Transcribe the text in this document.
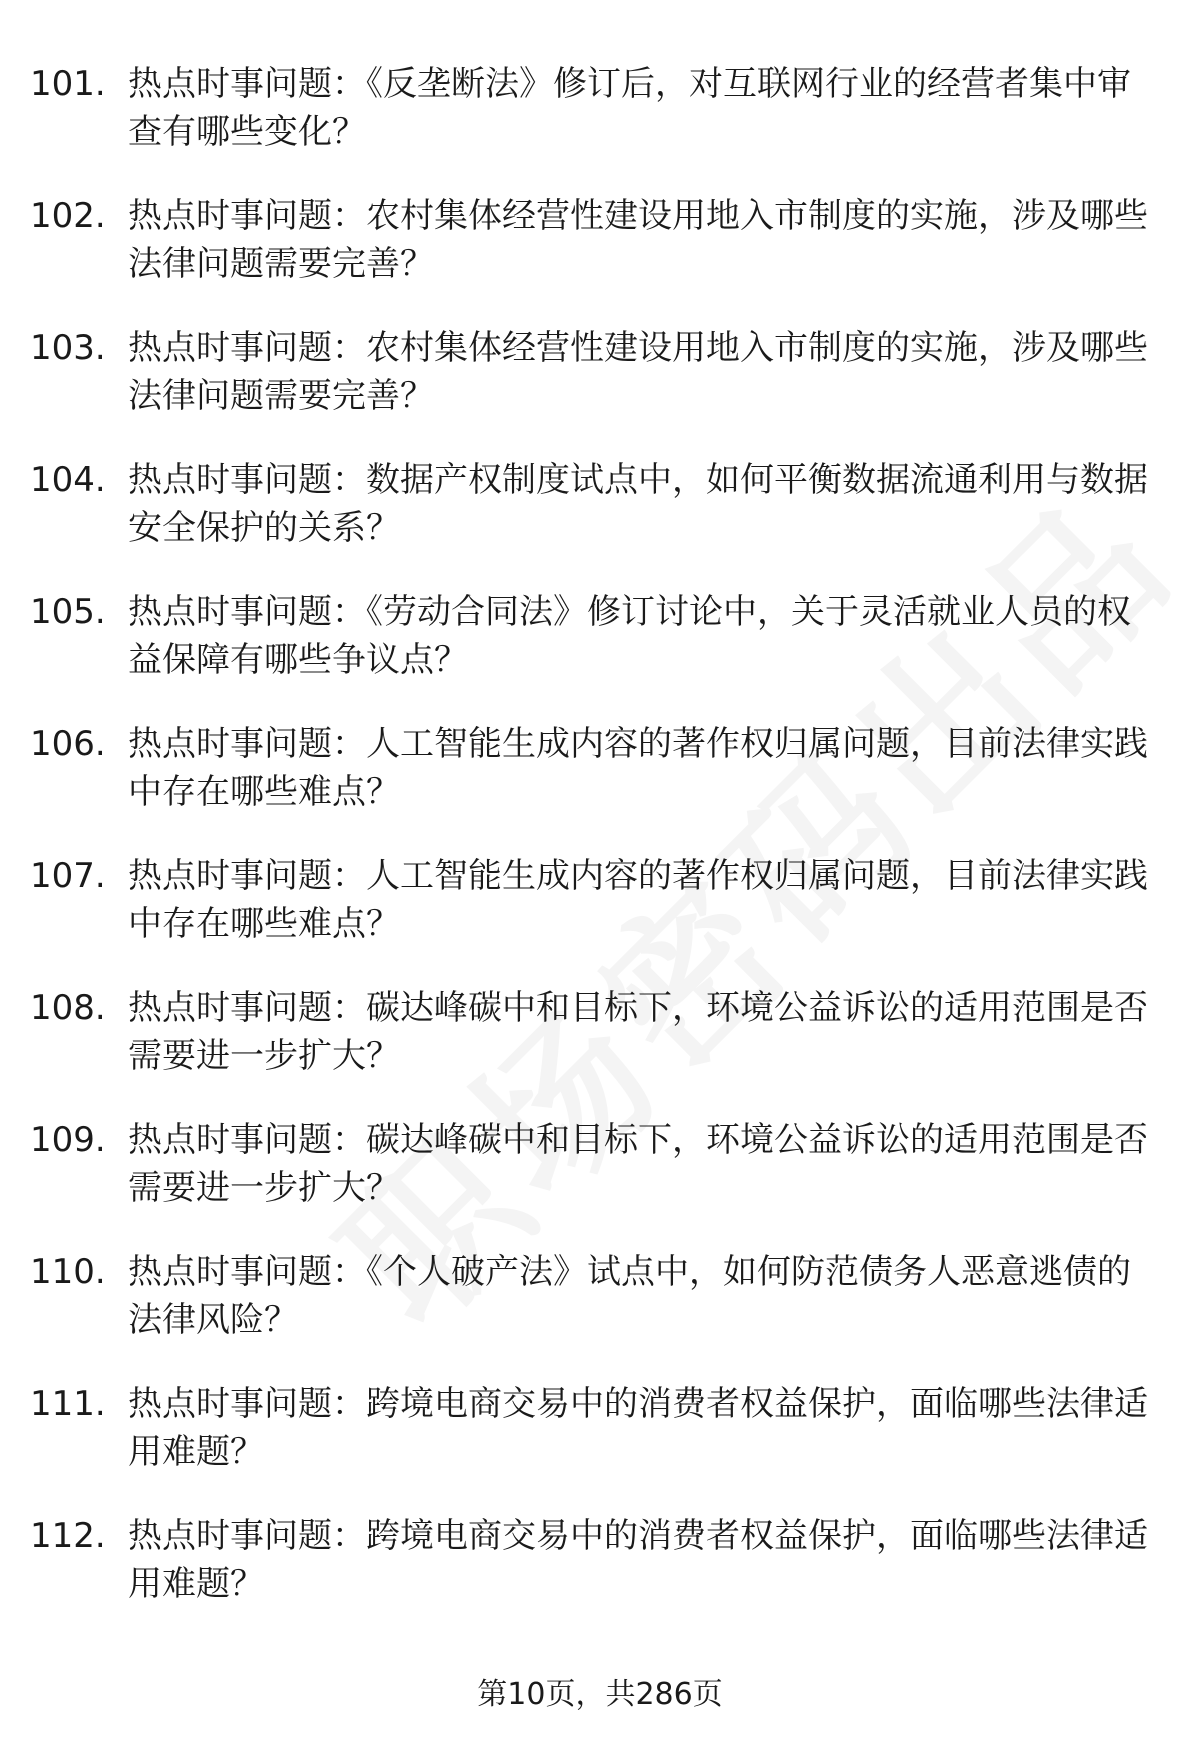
101. 热点时事问题：《反垄断法》修订后，对互联网行业的经营者集中审查有哪些变化？
102. 热点时事问题：农村集体经营性建设用地入市制度的实施，涉及哪些法律问题需要完善？
103. 热点时事问题：农村集体经营性建设用地入市制度的实施，涉及哪些法律问题需要完善？
104. 热点时事问题：数据产权制度试点中，如何平衡数据流通利用与数据安全保护的关系？
105. 热点时事问题：《劳动合同法》修订讨论中，关于灵活就业人员的权益保障有哪些争议点？
106. 热点时事问题：人工智能生成内容的著作权归属问题，目前法律实践中存在哪些难点？
107. 热点时事问题：人工智能生成内容的著作权归属问题，目前法律实践中存在哪些难点？
108. 热点时事问题：碳达峰碳中和目标下，环境公益诉讼的适用范围是否需要进一步扩大？
109. 热点时事问题：碳达峰碳中和目标下，环境公益诉讼的适用范围是否需要进一步扩大？
110. 热点时事问题：《个人破产法》试点中，如何防范债务人恶意逃债的法律风险？
111. 热点时事问题：跨境电商交易中的消费者权益保护，面临哪些法律适用难题？
112. 热点时事问题：跨境电商交易中的消费者权益保护，面临哪些法律适用难题？
第10页，共286页
